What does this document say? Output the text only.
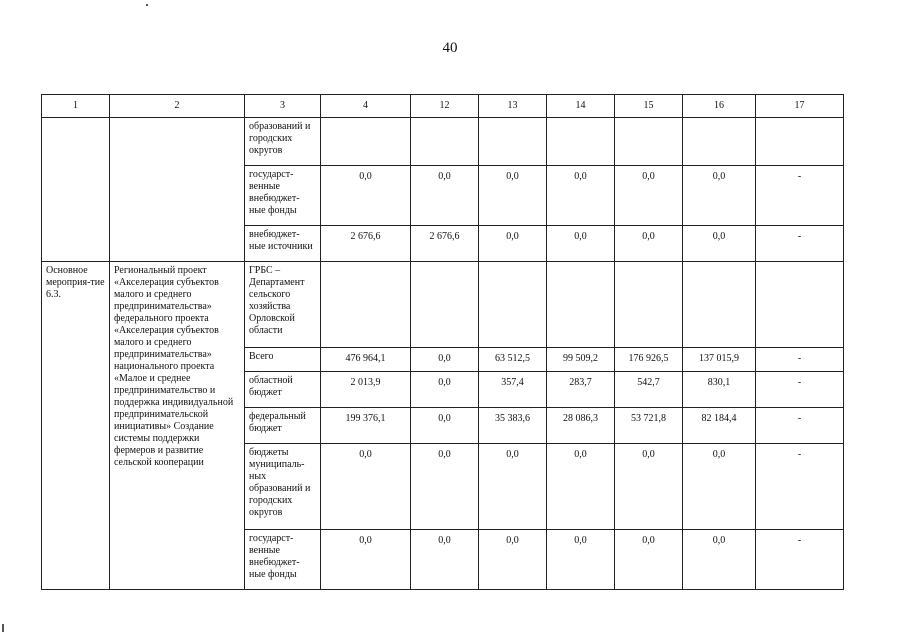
40
1	2	3	4	12	13	14	15	16	17
		образований и городских округов							
		государст-венные внебюджет-ные фонды	0,0	0,0	0,0	0,0	0,0	0,0	-
		внебюджет-ные источники	2 676,6	2 676,6	0,0	0,0	0,0	0,0	-
Основное мероприя-тие 6.3.	Региональный проект «Акселерация субъектов малого и среднего предпринимательства» федерального проекта «Акселерация субъектов малого и среднего предпринимательства» национального проекта «Малое и среднее предпринимательство и поддержка индивидуальной предпринимательской инициативы» Создание системы поддержки фермеров и развитие сельской кооперации	ГРБС – Департамент сельского хозяйства Орловской области							
		Всего	476 964,1	0,0	63 512,5	99 509,2	176 926,5	137 015,9	-
		областной бюджет	2 013,9	0,0	357,4	283,7	542,7	830,1	-
		федеральный бюджет	199 376,1	0,0	35 383,6	28 086,3	53 721,8	82 184,4	-
		бюджеты муниципаль-ных образований и городских округов	0,0	0,0	0,0	0,0	0,0	0,0	-
		государст-венные внебюджет-ные фонды	0,0	0,0	0,0	0,0	0,0	0,0	-
